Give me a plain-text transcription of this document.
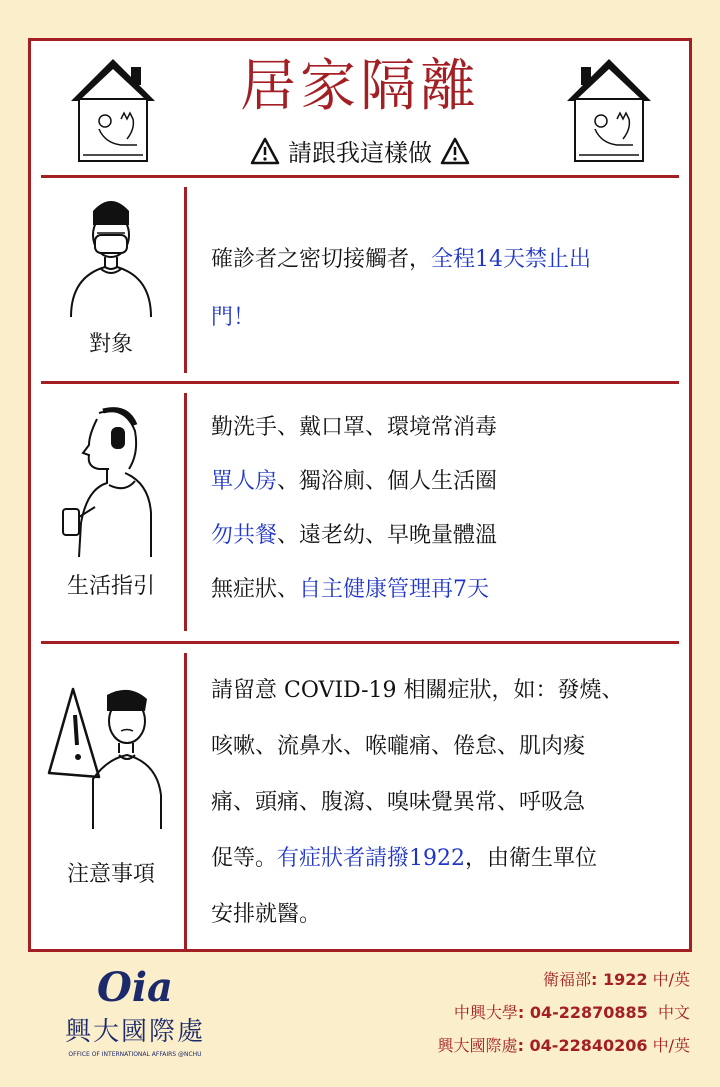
居家隔離
請跟我這樣做
對象

確診者之密切接觸者，全程14天禁止出

門！

生活指引

勤洗手、戴口罩、環境常消毒

單人房、獨浴廁、個人生活圈

勿共餐、遠老幼、早晚量體溫

無症狀、自主健康管理再7天

注意事項

請留意 COVID-19 相關症狀，如：發燒、

咳嗽、流鼻水、喉嚨痛、倦怠、肌肉痠

痛、頭痛、腹瀉、嗅味覺異常、呼吸急

促等。有症狀者請撥1922，由衛生單位

安排就醫。

Oia
興大國際處
OFFICE OF INTERNATIONAL AFFAIRS @NCHU
衛福部: 1922 中/英
中興大學: 04-22870885 中文
興大國際處: 04-22840206 中/英
